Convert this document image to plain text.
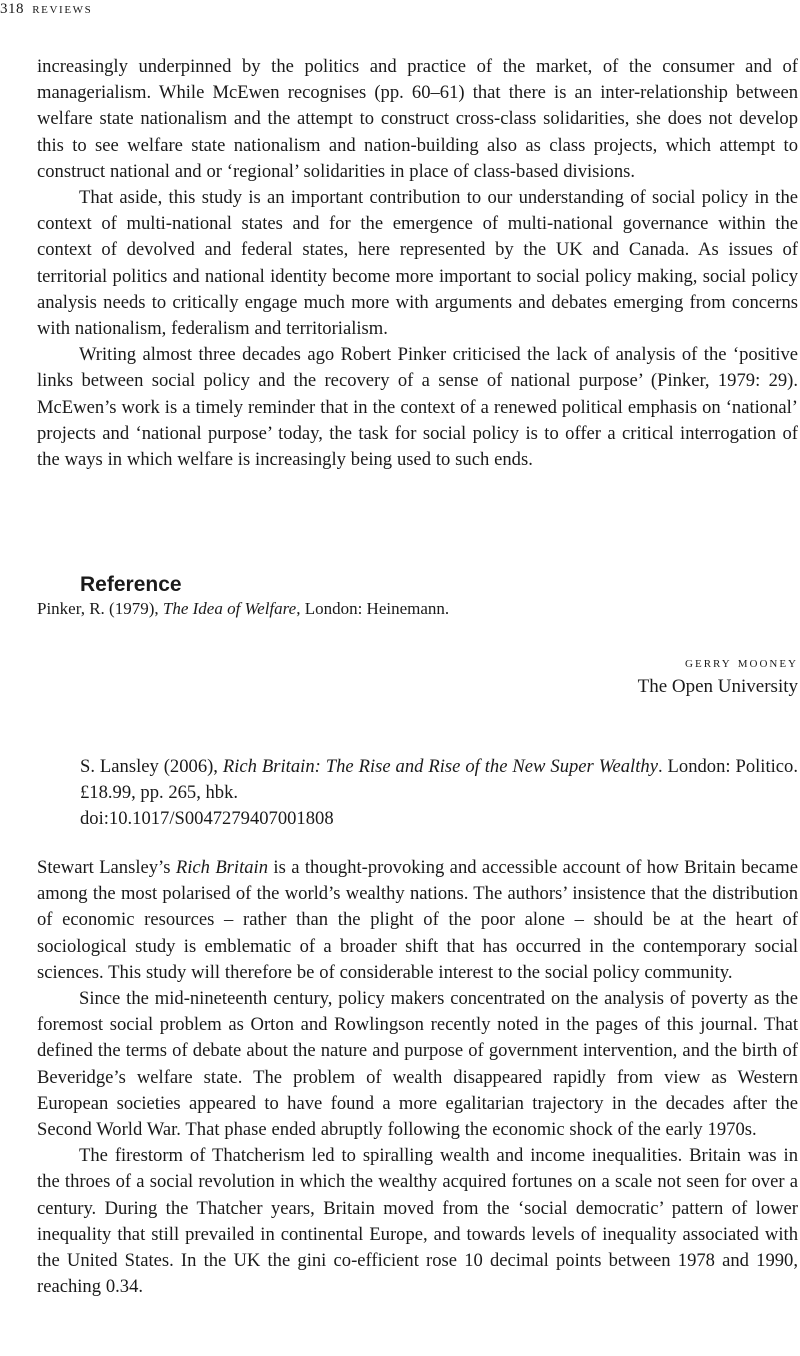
318 reviews

increasingly underpinned by the politics and practice of the market, of the consumer and of managerialism. While McEwen recognises (pp. 60–61) that there is an inter-relationship between welfare state nationalism and the attempt to construct cross-class solidarities, she does not develop this to see welfare state nationalism and nation-building also as class projects, which attempt to construct national and or ‘regional’ solidarities in place of class-based divisions.

That aside, this study is an important contribution to our understanding of social policy in the context of multi-national states and for the emergence of multi-national governance within the context of devolved and federal states, here represented by the UK and Canada. As issues of territorial politics and national identity become more important to social policy making, social policy analysis needs to critically engage much more with arguments and debates emerging from concerns with nationalism, federalism and territorialism.

Writing almost three decades ago Robert Pinker criticised the lack of analysis of the ‘positive links between social policy and the recovery of a sense of national purpose’ (Pinker, 1979: 29). McEwen’s work is a timely reminder that in the context of a renewed political emphasis on ‘national’ projects and ‘national purpose’ today, the task for social policy is to offer a critical interrogation of the ways in which welfare is increasingly being used to such ends.

Reference
Pinker, R. (1979), The Idea of Welfare, London: Heinemann.
gerry mooney
The Open University
S. Lansley (2006), Rich Britain: The Rise and Rise of the New Super Wealthy. London: Politico. £18.99, pp. 265, hbk.
doi:10.1017/S0047279407001808

Stewart Lansley’s Rich Britain is a thought-provoking and accessible account of how Britain became among the most polarised of the world’s wealthy nations. The authors’ insistence that the distribution of economic resources – rather than the plight of the poor alone – should be at the heart of sociological study is emblematic of a broader shift that has occurred in the contemporary social sciences. This study will therefore be of considerable interest to the social policy community.

Since the mid-nineteenth century, policy makers concentrated on the analysis of poverty as the foremost social problem as Orton and Rowlingson recently noted in the pages of this journal. That defined the terms of debate about the nature and purpose of government intervention, and the birth of Beveridge’s welfare state. The problem of wealth disappeared rapidly from view as Western European societies appeared to have found a more egalitarian trajectory in the decades after the Second World War. That phase ended abruptly following the economic shock of the early 1970s.

The firestorm of Thatcherism led to spiralling wealth and income inequalities. Britain was in the throes of a social revolution in which the wealthy acquired fortunes on a scale not seen for over a century. During the Thatcher years, Britain moved from the ‘social democratic’ pattern of lower inequality that still prevailed in continental Europe, and towards levels of inequality associated with the United States. In the UK the gini co-efficient rose 10 decimal points between 1978 and 1990, reaching 0.34.
